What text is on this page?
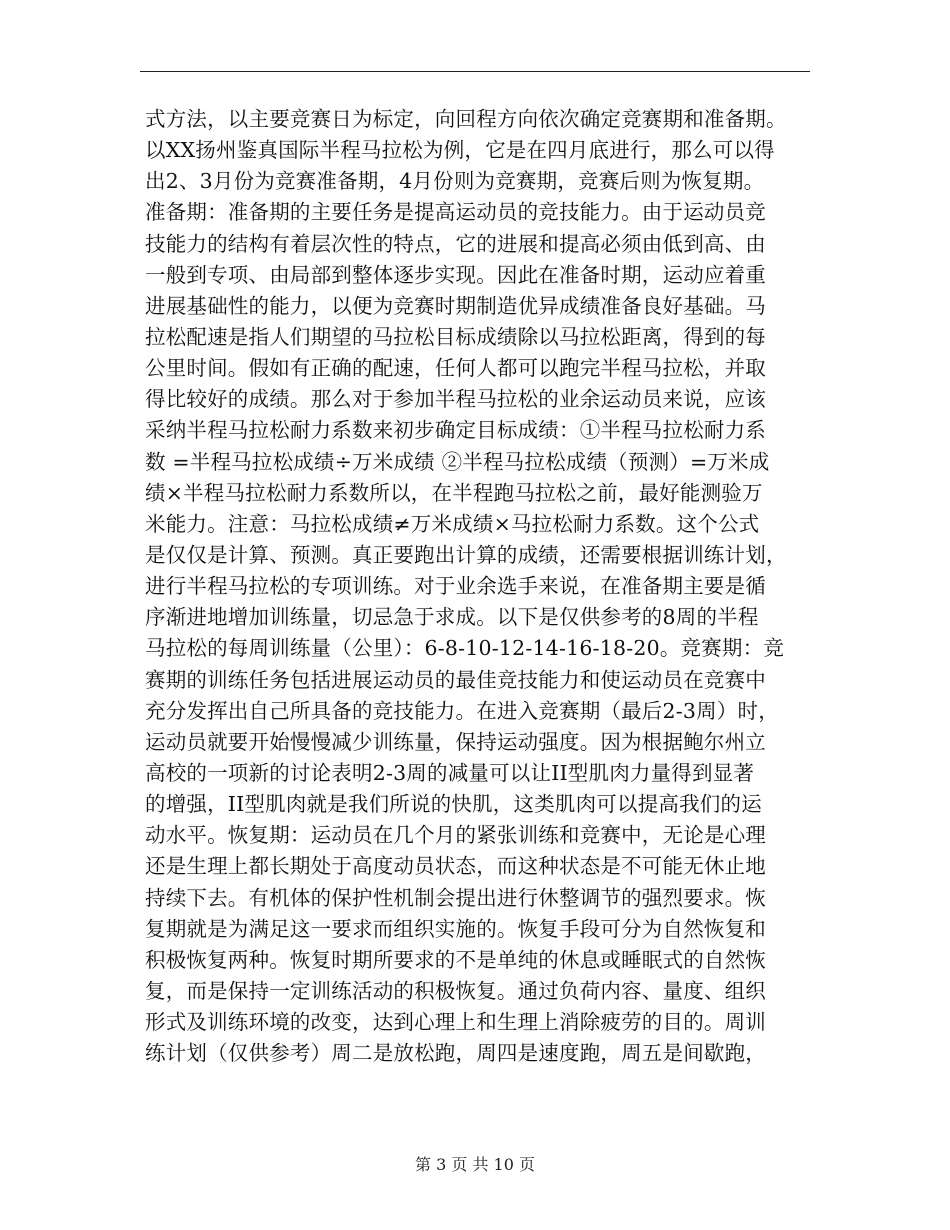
式方法，以主要竞赛日为标定，向回程方向依次确定竞赛期和准备期。
以XX扬州鉴真国际半程马拉松为例，它是在四月底进行，那么可以得
出2、3月份为竞赛准备期，4月份则为竞赛期，竞赛后则为恢复期。
准备期：准备期的主要任务是提高运动员的竞技能力。由于运动员竞
技能力的结构有着层次性的特点，它的进展和提高必须由低到高、由
一般到专项、由局部到整体逐步实现。因此在准备时期，运动应着重
进展基础性的能力，以便为竞赛时期制造优异成绩准备良好基础。马
拉松配速是指人们期望的马拉松目标成绩除以马拉松距离，得到的每
公里时间。假如有正确的配速，任何人都可以跑完半程马拉松，并取
得比较好的成绩。那么对于参加半程马拉松的业余运动员来说，应该
采纳半程马拉松耐力系数来初步确定目标成绩：①半程马拉松耐力系
数 =半程马拉松成绩÷万米成绩 ②半程马拉松成绩（预测）=万米成
绩×半程马拉松耐力系数所以，在半程跑马拉松之前，最好能测验万
米能力。注意：马拉松成绩≠万米成绩×马拉松耐力系数。这个公式
是仅仅是计算、预测。真正要跑出计算的成绩，还需要根据训练计划，
进行半程马拉松的专项训练。对于业余选手来说，在准备期主要是循
序渐进地增加训练量，切忌急于求成。以下是仅供参考的8周的半程
马拉松的每周训练量（公里）：6-8-10-12-14-16-18-20。竞赛期：竞
赛期的训练任务包括进展运动员的最佳竞技能力和使运动员在竞赛中
充分发挥出自己所具备的竞技能力。在进入竞赛期（最后2-3周）时，
运动员就要开始慢慢减少训练量，保持运动强度。因为根据鲍尔州立
高校的一项新的讨论表明2-3周的减量可以让II型肌肉力量得到显著
的增强，II型肌肉就是我们所说的快肌，这类肌肉可以提高我们的运
动水平。恢复期：运动员在几个月的紧张训练和竞赛中，无论是心理
还是生理上都长期处于高度动员状态，而这种状态是不可能无休止地
持续下去。有机体的保护性机制会提出进行休整调节的强烈要求。恢
复期就是为满足这一要求而组织实施的。恢复手段可分为自然恢复和
积极恢复两种。恢复时期所要求的不是单纯的休息或睡眠式的自然恢
复，而是保持一定训练活动的积极恢复。通过负荷内容、量度、组织
形式及训练环境的改变，达到心理上和生理上消除疲劳的目的。周训
练计划（仅供参考）周二是放松跑，周四是速度跑，周五是间歇跑，
第 3 页 共 10 页
